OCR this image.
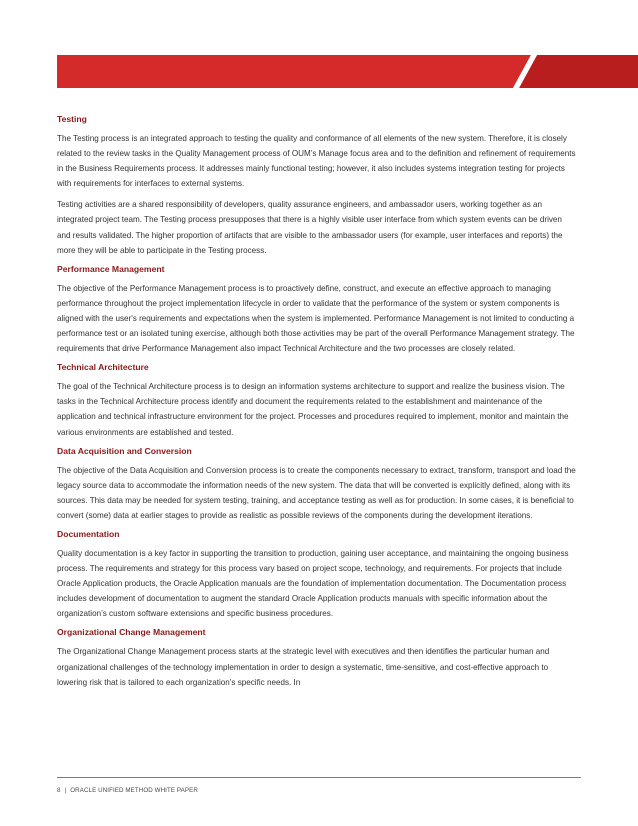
Testing

The Testing process is an integrated approach to testing the quality and conformance of all elements of the new system. Therefore, it is closely related to the review tasks in the Quality Management process of OUM’s Manage focus area and to the definition and refinement of requirements in the Business Requirements process. It addresses mainly functional testing; however, it also includes systems integration testing for projects with requirements for interfaces to external systems.

Testing activities are a shared responsibility of developers, quality assurance engineers, and ambassador users, working together as an integrated project team. The Testing process presupposes that there is a highly visible user interface from which system events can be driven and results validated. The higher proportion of artifacts that are visible to the ambassador users (for example, user interfaces and reports) the more they will be able to participate in the Testing process.

Performance Management

The objective of the Performance Management process is to proactively define, construct, and execute an effective approach to managing performance throughout the project implementation lifecycle in order to validate that the performance of the system or system components is aligned with the user's requirements and expectations when the system is implemented. Performance Management is not limited to conducting a performance test or an isolated tuning exercise, although both those activities may be part of the overall Performance Management strategy. The requirements that drive Performance Management also impact Technical Architecture and the two processes are closely related.

Technical Architecture

The goal of the Technical Architecture process is to design an information systems architecture to support and realize the business vision. The tasks in the Technical Architecture process identify and document the requirements related to the establishment and maintenance of the application and technical infrastructure environment for the project. Processes and procedures required to implement, monitor and maintain the various environments are established and tested.

Data Acquisition and Conversion

The objective of the Data Acquisition and Conversion process is to create the components necessary to extract, transform, transport and load the legacy source data to accommodate the information needs of the new system. The data that will be converted is explicitly defined, along with its sources. This data may be needed for system testing, training, and acceptance testing as well as for production. In some cases, it is beneficial to convert (some) data at earlier stages to provide as realistic as possible reviews of the components during the development iterations.

Documentation

Quality documentation is a key factor in supporting the transition to production, gaining user acceptance, and maintaining the ongoing business process. The requirements and strategy for this process vary based on project scope, technology, and requirements. For projects that include Oracle Application products, the Oracle Application manuals are the foundation of implementation documentation. The Documentation process includes development of documentation to augment the standard Oracle Application products manuals with specific information about the organization’s custom software extensions and specific business procedures.

Organizational Change Management

The Organizational Change Management process starts at the strategic level with executives and then identifies the particular human and organizational challenges of the technology implementation in order to design a systematic, time-sensitive, and cost-effective approach to lowering risk that is tailored to each organization’s specific needs. In

8 | ORACLE UNIFIED METHOD WHITE PAPER
